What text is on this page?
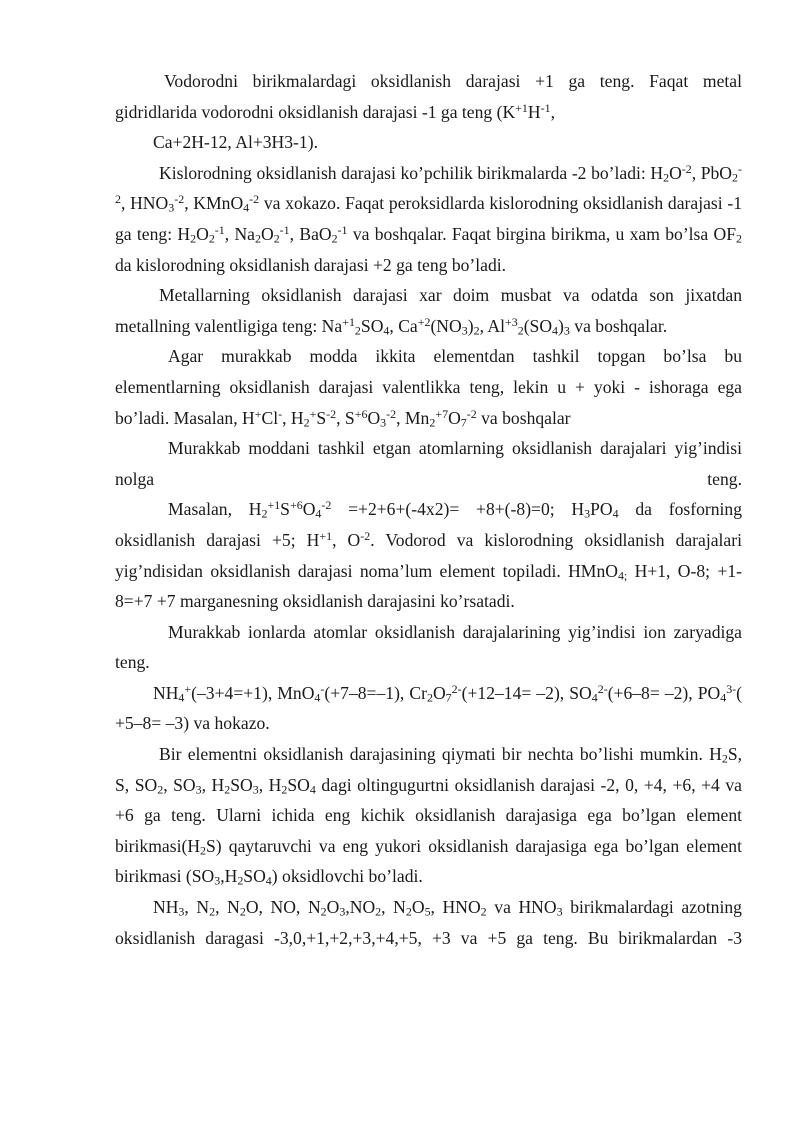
Vodorodni birikmalardagi oksidlanish darajasi +1 ga teng. Faqat metal gidridlarida vodorodni oksidlanish darajasi -1 ga teng ($K^{+1}H^{-1}$,

Ca+2H-12, Al+3H3-1).

Kislorodning oksidlanish darajasi ko’pchilik birikmalarda -2 bo’ladi: $H_2O^{-2}$, PbO$_2^{-2}$, $HNO_3^{-2}$, KMnO$_4^{-2}$ va xokazo. Faqat peroksidlarda kislorodning oksidlanish darajasi -1 ga teng: $H_2O_2^{-1}$, $Na_2O_2^{-1}$, BaO$_2^{-1}$ va boshqalar. Faqat birgina birikma, u xam bo’lsa $OF_2$ da kislorodning oksidlanish darajasi +2 ga teng bo’ladi.

Metallarning oksidlanish darajasi xar doim musbat va odatda son jixatdan metallning valentligiga teng: $Na^{+1}_2SO_4$, $Ca^{+2}(NO_3)_2$, $Al^{+3}_2(SO_4)_3$ va boshqalar.

Agar murakkab modda ikkita elementdan tashkil topgan bo’lsa bu elementlarning oksidlanish darajasi valentlikka teng, lekin u + yoki - ishoraga ega bo’ladi. Masalan, H+Cl-, $H_2^+S^{-2}$, $S^{+6}O_3^{-2}$, $Mn_2^{+7}O_7^{-2}$ va boshqalar

Murakkab moddani tashkil etgan atomlarning oksidlanish darajalari yig’indisi nolga teng.

Masalan, $H_2^{+1}S^{+6}O_4^{-2} =+2+6+(-4x2)= +8+(-8)=0$; $H_3PO_4$ da fosforning oksidlanish darajasi +5; $H^{+1}$, $O^{-2}$. Vodorod va kislorodning oksidlanish darajalari yig’ndisidan oksidlanish darajasi noma’lum element topiladi. HMnO$_{4;}$ H+1, O-8; +1-8=+7 +7 marganesning oksidlanish darajasini ko’rsatadi.

Murakkab ionlarda atomlar oksidlanish darajalarining yig’indisi ion zaryadiga teng.

$NH_4^+(-3+4=+1)$, MnO$_4$-(+7–8=–1), $Cr_2O_7^{2-}(+12-14= -2)$, $SO_4^{2-}(+6-8= -2)$, $PO_4^{3-}( +5-8= -3)$ va hokazo.

Bir elementni oksidlanish darajasining qiymati bir nechta bo’lishi mumkin. $H_2S$, S, $SO_2$, $SO_3$, $H_2SO_3$, $H_2SO_4$ dagi oltingugurtni oksidlanish darajasi -2, 0, +4, +6, +4 va +6 ga teng. Ularni ichida eng kichik oksidlanish darajasiga ega bo’lgan element $birikmasi(H_2S)$ qaytaruvchi va eng yukori oksidlanish darajasiga ega bo’lgan element birikmasi $(SO_3,H_2SO_4)$ oksidlovchi bo’ladi.

$NH_3$, $N_2$, $N_2O$, NO, $N_2O_3,NO_2$, $N_2O_5$, $HNO_2$ va $HNO_3$ birikmalardagi azotning oksidlanish daragasi -3,0,+1,+2,+3,+4,+5, +3 va +5 ga teng. Bu birikmalardan -3
